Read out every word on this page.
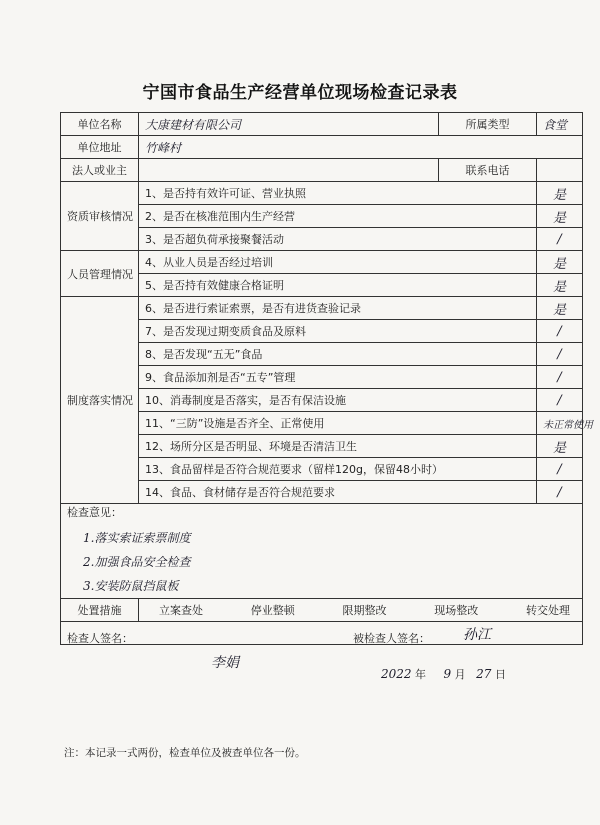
宁国市食品生产经营单位现场检查记录表
单位名称	大康建材有限公司	所属类型	食堂
单位地址	竹峰村		
法人或业主		联系电话	
资质审核情况	1、是否持有效许可证、营业执照		是
	2、是否在核准范围内生产经营		是
	3、是否超负荷承接聚餐活动		/
人员管理情况	4、从业人员是否经过培训		是
	5、是否持有效健康合格证明		是
制度落实情况	6、是否进行索证索票，是否有进货查验记录		是
	7、是否发现过期变质食品及原料		/
	8、是否发现“五无”食品		/
	9、食品添加剂是否“五专”管理		/
	10、消毒制度是否落实，是否有保洁设施		/
	11、“三防”设施是否齐全、正常使用		未正常使用
	12、场所分区是否明显、环境是否清洁卫生		是
	13、食品留样是否符合规范要求（留样120g，保留48小时）		/
	14、食品、食材储存是否符合规范要求		/

检查意见：
1.落实索证索票制度
2.加强食品安全检查
3.安装防鼠挡鼠板			

处置措施	立案查处 停业整顿 限期整改 现场整改 转交处理		

检查人签名：
李娟
被检查人签名： 孙江
2022 年 9 月 27 日			
注：本记录一式两份，检查单位及被查单位各一份。
